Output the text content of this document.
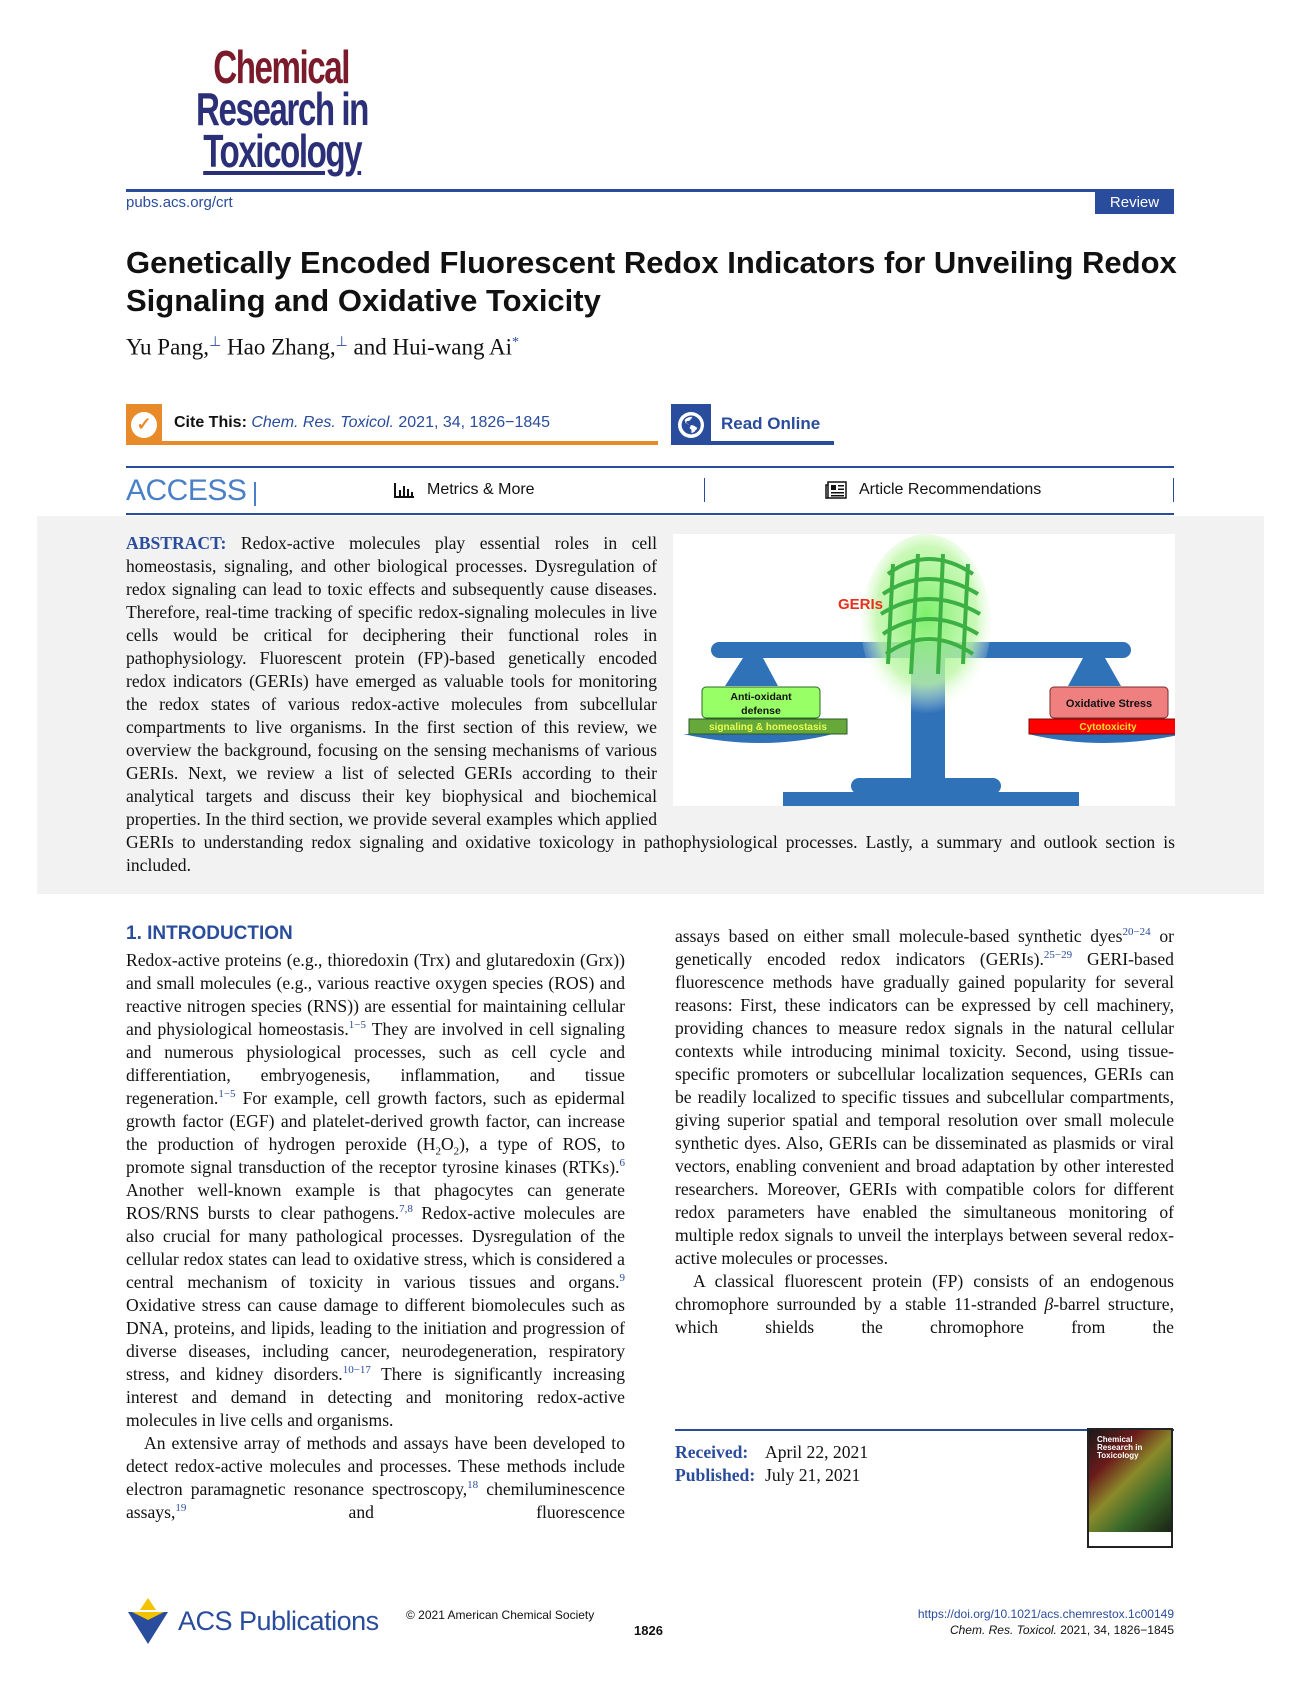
Chemical
Research in
Toxicology
pubs.acs.org/crt	Review
Genetically Encoded Fluorescent Redox Indicators for Unveiling Redox Signaling and Oxidative Toxicity
Yu Pang,⊥ Hao Zhang,⊥ and Hui-wang Ai*
✓	Cite This: Chem. Res. Toxicol. 2021, 34, 1826−1845	🌎︎ Read Online
ACCESS	Metrics & More	Article Recommendations
GERIs
Anti-oxidant
defense
signaling & homeostasis
Oxidative Stress
Cytotoxicity

ABSTRACT: Redox-active molecules play essential roles in cell homeostasis, signaling, and other biological processes. Dysregulation of redox signaling can lead to toxic effects and subsequently cause diseases. Therefore, real-time tracking of specific redox-signaling molecules in live cells would be critical for deciphering their functional roles in pathophysiology. Fluorescent protein (FP)-based genetically encoded redox indicators (GERIs) have emerged as valuable tools for monitoring the redox states of various redox-active molecules from subcellular compartments to live organisms. In the first section of this review, we overview the background, focusing on the sensing mechanisms of various GERIs. Next, we review a list of selected GERIs according to their analytical targets and discuss their key biophysical and biochemical properties. In the third section, we provide several examples which applied GERIs to understanding redox signaling and oxidative toxicology in pathophysiological processes. Lastly, a summary and outlook section is included.

1. INTRODUCTION

Redox-active proteins (e.g., thioredoxin (Trx) and glutaredoxin (Grx)) and small molecules (e.g., various reactive oxygen species (ROS) and reactive nitrogen species (RNS)) are essential for maintaining cellular and physiological homeostasis.$^{1-5}$ They are involved in cell signaling and numerous physiological processes, such as cell cycle and differentiation, embryogenesis, inflammation, and tissue regeneration.$^{1-5}$ For example, cell growth factors, such as epidermal growth factor (EGF) and platelet-derived growth factor, can increase the production of hydrogen peroxide $(H_2O_2)$, a type of ROS, to promote signal transduction of the receptor tyrosine kinases (RTKs).$^6$ Another well-known example is that phagocytes can generate ROS/RNS bursts to clear pathogens.$^{7,8}$ Redox-active molecules are also crucial for many pathological processes. Dysregulation of the cellular redox states can lead to oxidative stress, which is considered a central mechanism of toxicity in various tissues and organs.$^9$ Oxidative stress can cause damage to different biomolecules such as DNA, proteins, and lipids, leading to the initiation and progression of diverse diseases, including cancer, neurodegeneration, respiratory stress, and kidney disorders.$^{10-17}$ There is significantly increasing interest and demand in detecting and monitoring redox-active molecules in live cells and organisms.

An extensive array of methods and assays have been developed to detect redox-active molecules and processes. These methods include electron paramagnetic resonance spectroscopy,$^{18}$ chemiluminescence assays,$^{19}$ and fluorescence

assays based on either small molecule-based synthetic dyes$^{20-24}$ or genetically encoded redox indicators (GERIs).$^{25-29}$ GERI-based fluorescence methods have gradually gained popularity for several reasons: First, these indicators can be expressed by cell machinery, providing chances to measure redox signals in the natural cellular contexts while introducing minimal toxicity. Second, using tissue-specific promoters or subcellular localization sequences, GERIs can be readily localized to specific tissues and subcellular compartments, giving superior spatial and temporal resolution over small molecule synthetic dyes. Also, GERIs can be disseminated as plasmids or viral vectors, enabling convenient and broad adaptation by other interested researchers. Moreover, GERIs with compatible colors for different redox parameters have enabled the simultaneous monitoring of multiple redox signals to unveil the interplays between several redox-active molecules or processes.

A classical fluorescent protein (FP) consists of an endogenous chromophore surrounded by a stable 11-stranded β-barrel structure, which shields the chromophore from the

Received: April 22, 2021
Published: July 21, 2021
Chemical
Research in
Toxicology
ACS Publications © 2021 American Chemical Society
1826
https://doi.org/10.1021/acs.chemrestox.1c00149
Chem. Res. Toxicol. 2021, 34, 1826−1845
